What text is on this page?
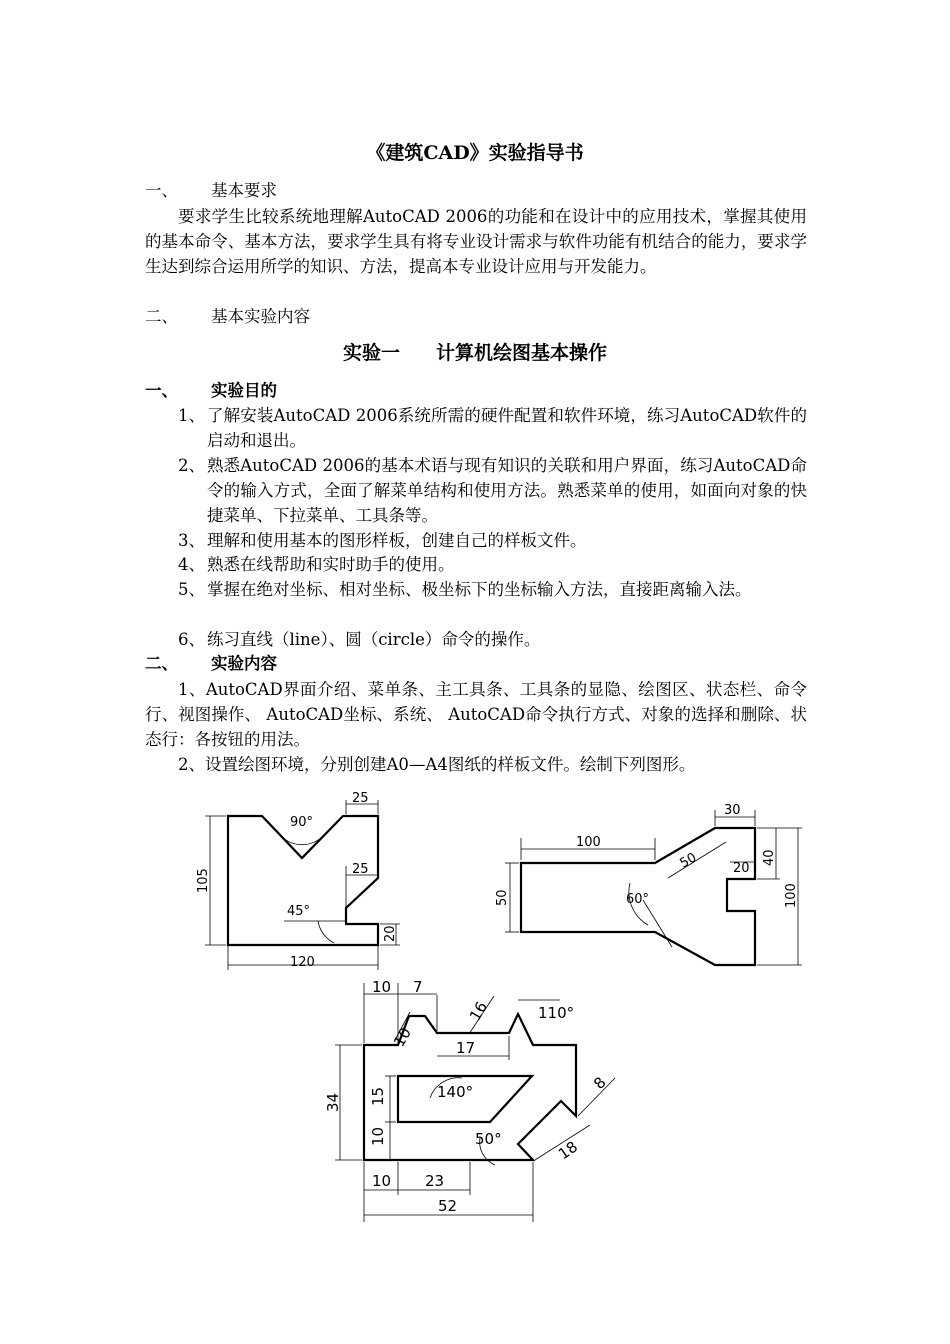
《建筑CAD》实验指导书
一、 基本要求
要求学生比较系统地理解AutoCAD 2006的功能和在设计中的应用技术，掌握其使用的基本命令、基本方法，要求学生具有将专业设计需求与软件功能有机结合的能力，要求学生达到综合运用所学的知识、方法，提高本专业设计应用与开发能力。
二、 基本实验内容
实验一 计算机绘图基本操作
一、 实验目的
1、 了解安装AutoCAD 2006系统所需的硬件配置和软件环境，练习AutoCAD软件的启动和退出。
2、 熟悉AutoCAD 2006的基本术语与现有知识的关联和用户界面，练习AutoCAD命令的输入方式，全面了解菜单结构和使用方法。熟悉菜单的使用，如面向对象的快捷菜单、下拉菜单、工具条等。
3、 理解和使用基本的图形样板，创建自己的样板文件。
4、 熟悉在线帮助和实时助手的使用。
5、 掌握在绝对坐标、相对坐标、极坐标下的坐标输入方法，直接距离输入法。
6、 练习直线（line）、圆（circle）命令的操作。
二、 实验内容
1、AutoCAD界面介绍、菜单条、主工具条、工具条的显隐、绘图区、状态栏、命令行、视图操作、 AutoCAD坐标、系统、 AutoCAD命令执行方式、对象的选择和删除、状态行：各按钮的用法。
2、设置绘图环境，分别创建A0—A4图纸的样板文件。绘制下列图形。
90°
25
25
45°
120
105
20
100
30
50	20
40
100
50	60°
10 7
16	110°
10	17
34 15
10
140°	8
50°	18
10 23
52
